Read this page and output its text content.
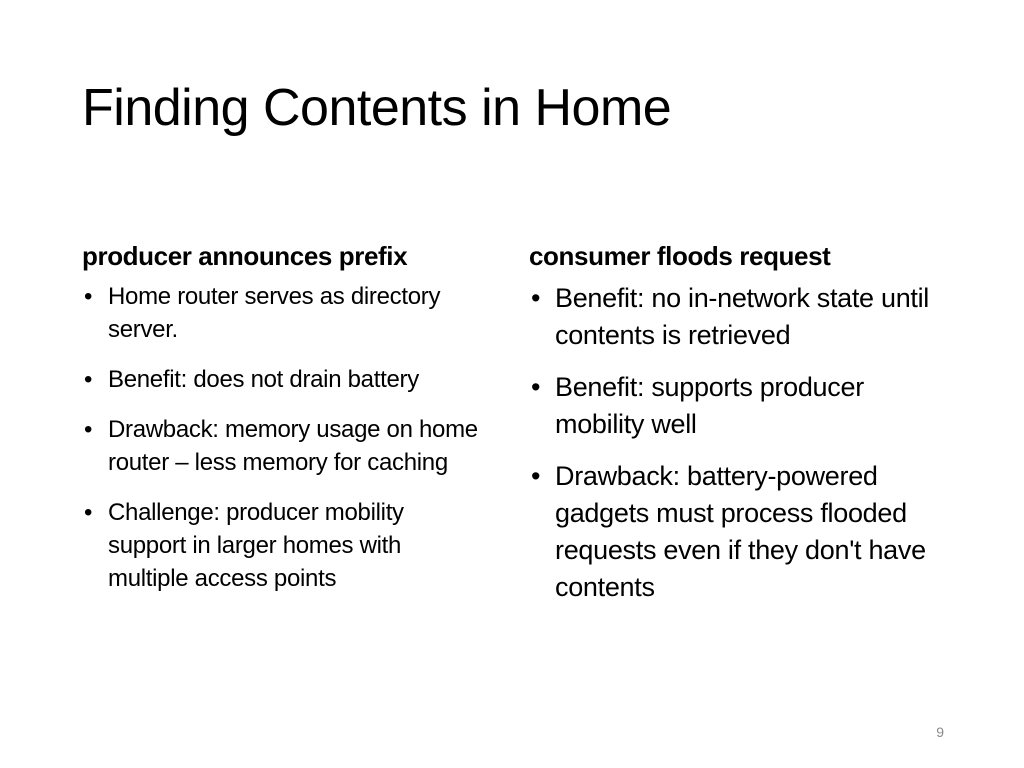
Finding Contents in Home
producer announces prefix
• Home router serves as directory server.
• Benefit: does not drain battery
• Drawback: memory usage on home router – less memory for caching
• Challenge: producer mobility support in larger homes with multiple access points
consumer floods request
• Benefit: no in-network state until contents is retrieved
• Benefit: supports producer mobility well
• Drawback: battery-powered gadgets must process flooded requests even if they don't have contents
9
